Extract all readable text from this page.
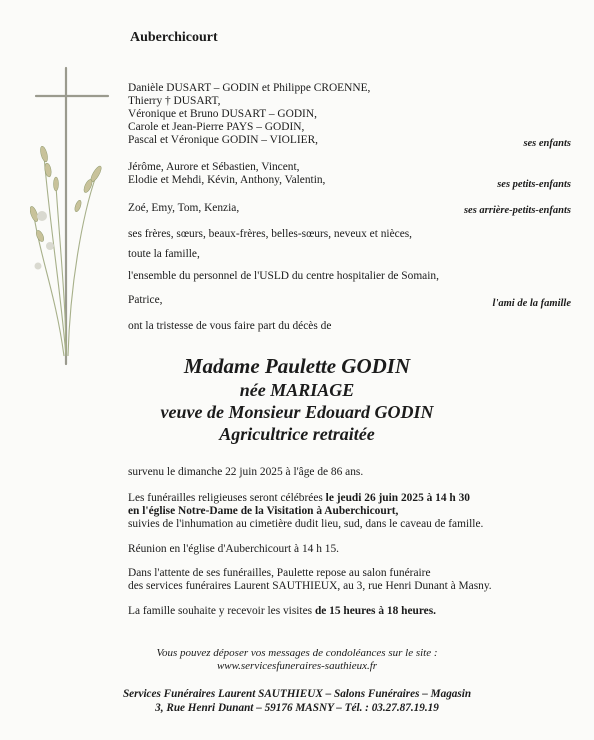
Auberchicourt
Danièle DUSART – GODIN et Philippe CROENNE,
Thierry † DUSART,
Véronique et Bruno DUSART – GODIN,
Carole et Jean-Pierre PAYS – GODIN,
Pascal et Véronique GODIN – VIOLIER,	ses enfants
Jérôme, Aurore et Sébastien, Vincent,
Elodie et Mehdi, Kévin, Anthony, Valentin,	ses petits-enfants
Zoé, Emy, Tom, Kenzia,	ses arrière-petits-enfants
ses frères, sœurs, beaux-frères, belles-sœurs, neveux et nièces,
toute la famille,
l'ensemble du personnel de l'USLD du centre hospitalier de Somain,
Patrice,	l'ami de la famille
ont la tristesse de vous faire part du décès de
Madame Paulette GODIN
née MARIAGE
veuve de Monsieur Edouard GODIN
Agricultrice retraitée
survenu le dimanche 22 juin 2025 à l'âge de 86 ans.
Les funérailles religieuses seront célébrées le jeudi 26 juin 2025 à 14 h 30
en l'église Notre-Dame de la Visitation à Auberchicourt,
suivies de l'inhumation au cimetière dudit lieu, sud, dans le caveau de famille.
Réunion en l'église d'Auberchicourt à 14 h 15.
Dans l'attente de ses funérailles, Paulette repose au salon funéraire
des services funéraires Laurent SAUTHIEUX, au 3, rue Henri Dunant à Masny.
La famille souhaite y recevoir les visites de 15 heures à 18 heures.
Vous pouvez déposer vos messages de condoléances sur le site :
www.servicesfuneraires-sauthieux.fr
Services Funéraires Laurent SAUTHIEUX – Salons Funéraires – Magasin
3, Rue Henri Dunant – 59176 MASNY – Tél. : 03.27.87.19.19
